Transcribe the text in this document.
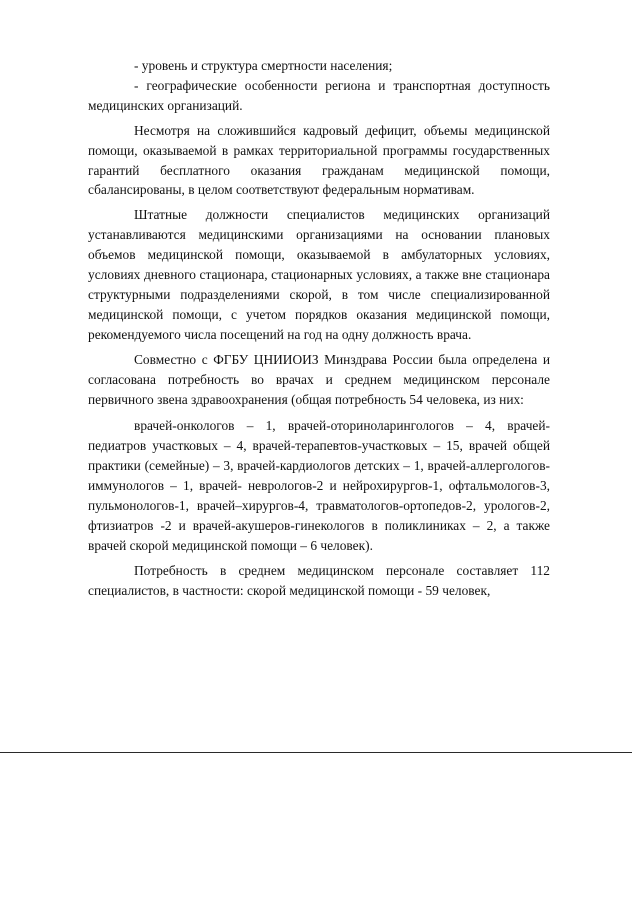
- уровень и структура смертности населения;

- географические особенности региона и транспортная доступность медицинских организаций.

Несмотря на сложившийся кадровый дефицит, объемы медицинской помощи, оказываемой в рамках территориальной программы государственных гарантий бесплатного оказания гражданам медицинской помощи, сбалансированы, в целом соответствуют федеральным нормативам.

Штатные должности специалистов медицинских организаций устанавливаются медицинскими организациями на основании плановых объемов медицинской помощи, оказываемой в амбулаторных условиях, условиях дневного стационара, стационарных условиях, а также вне стационара структурными подразделениями скорой, в том числе специализированной медицинской помощи, с учетом порядков оказания медицинской помощи, рекомендуемого числа посещений на год на одну должность врача.

Совместно с ФГБУ ЦНИИОИЗ Минздрава России была определена и согласована потребность во врачах и среднем медицинском персонале первичного звена здравоохранения (общая потребность 54 человека, из них:

врачей-онкологов – 1, врачей-оториноларингологов – 4, врачей-педиатров участковых – 4, врачей-терапевтов-участковых – 15, врачей общей практики (семейные) – 3, врачей-кардиологов детских – 1, врачей-аллергологов- иммунологов – 1, врачей- неврологов-2 и нейрохирургов-1, офтальмологов-3, пульмонологов-1, врачей–хирургов-4, травматологов-ортопедов-2, урологов-2, фтизиатров -2 и врачей-акушеров-гинекологов в поликлиниках – 2, а также врачей скорой медицинской помощи – 6 человек).

Потребность в среднем медицинском персонале составляет 112 специалистов, в частности: скорой медицинской помощи - 59 человек,
